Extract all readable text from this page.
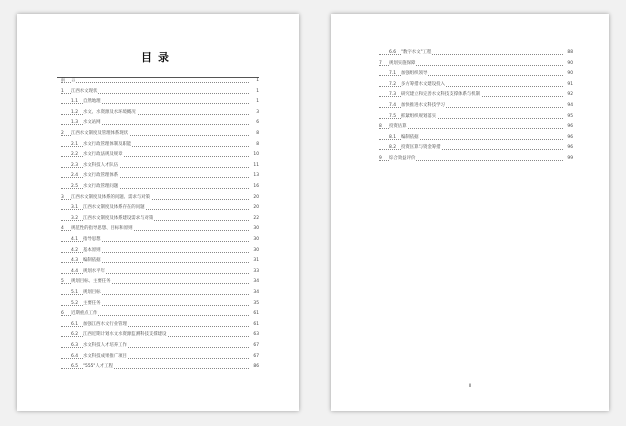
目录
前 言	1
1 江西水文现状	1
1.1 自然地理	1
1.2 水文、水资源及水环境概况	3
1.3 水文站网	6
2 江西水文制度及管理体系现状	8
2.1 水文行政管理体制及职能	8
2.2 水文行政法规及规章	10
2.3 水文科技人才队伍	11
2.4 水文行政管理体系	13
2.5 水文行政管理问题	16
3 江西水文制度及体系的问题、需求与对策	20
3.1 江西水文制度及体系存在的问题	20
3.2 江西水文制度及体系建设需求与对策	22
4 规范性的指导思想、目标和原则	30
4.1 指导思想	30
4.2 基本原则	30
4.3 编制依据	31
4.4 规划水平年	33
5 规划目标、主要任务	34
5.1 规划目标	34
5.2 主要任务	35
6 近期重点工作	61
6.1 加强江西水文行业管理	61
6.2 江西近期计划水文水资源监测科技支撑建设	63
6.3 水文科技人才培养工作	67
6.4 水文科技成果推广项目	67
6.5 "555"人才工程	86
6.6 "数字水文"工程	88
7 规划实施保障	90
7.1 加强组织领导	90
7.2 多方筹措水文建设投入	91
7.3 研究建立和完善水文科技支撑体系与机制	92
7.4 加快推进水文科技学习	94
7.5 抓紧组织规划落实	95
8 投资估算	96
8.1 编制依据	96
8.2 投资匡算与资金筹措	96
9 综合效益评价	99
II
